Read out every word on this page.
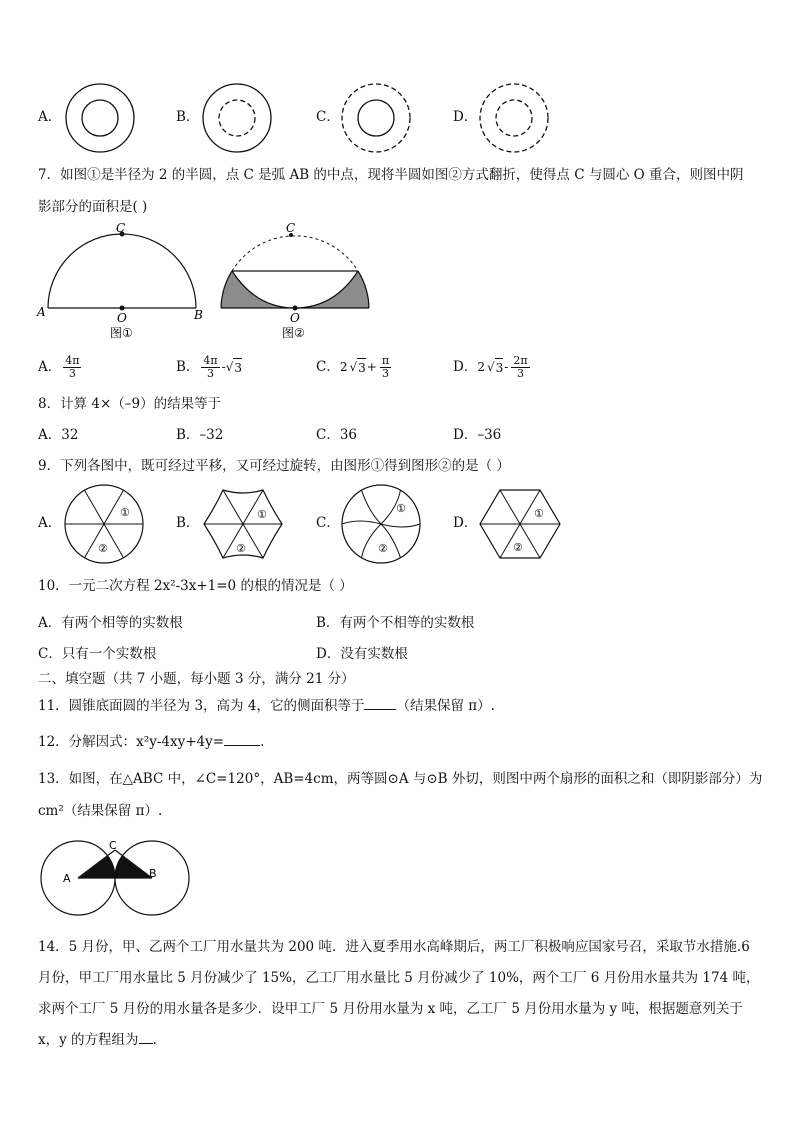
A．	B．	C．	D．
7．如图①是半径为 2 的半圆，点 C 是弧 AB 的中点，现将半圆如图②方式翻折，使得点 C 与圆心 O 重合，则图中阴
影部分的面积是( )
C
A	B
O
图①
C
O
图②
A． $\frac{4\pi}{3}$	B． $\frac{4\pi}{3}$ - √ 3	C． 2 √ $3 + \frac{\pi}{3}$	D． 2 √ $3 - \frac{2\pi}{3}$
8．计算 4×（–9）的结果等于
A．32	B．–32	C．36	D．–36
9．下列各图中，既可经过平移，又可经过旋转，由图形①得到图形②的是（ ）
A．
①
②
B．
①
②
C．
①
②
D．
①
②
10．一元二次方程 2x²-3x+1=0 的根的情况是（ ）
A．有两个相等的实数根	B．有两个不相等的实数根
C．只有一个实数根	D．没有实数根
二、填空题（共 7 小题，每小题 3 分，满分 21 分）
11．圆锥底面圆的半径为 3，高为 4，它的侧面积等于 （结果保留 π）.
12．分解因式：x²y-4xy+4y=	.
13．如图，在△ABC 中，∠C=120°，AB=4cm，两等圆⊙A 与⊙B 外切，则图中两个扇形的面积之和（即阴影部分）为
cm²（结果保留 π）.
C
A	B
14．5 月份，甲、乙两个工厂用水量共为 200 吨．进入夏季用水高峰期后，两工厂积极响应国家号召，采取节水措施.6
月份，甲工厂用水量比 5 月份减少了 15%，乙工厂用水量比 5 月份减少了 10%，两个工厂 6 月份用水量共为 174 吨，
求两个工厂 5 月份的用水量各是多少．设甲工厂 5 月份用水量为 x 吨，乙工厂 5 月份用水量为 y 吨，根据题意列关于
x，y 的方程组为 .
